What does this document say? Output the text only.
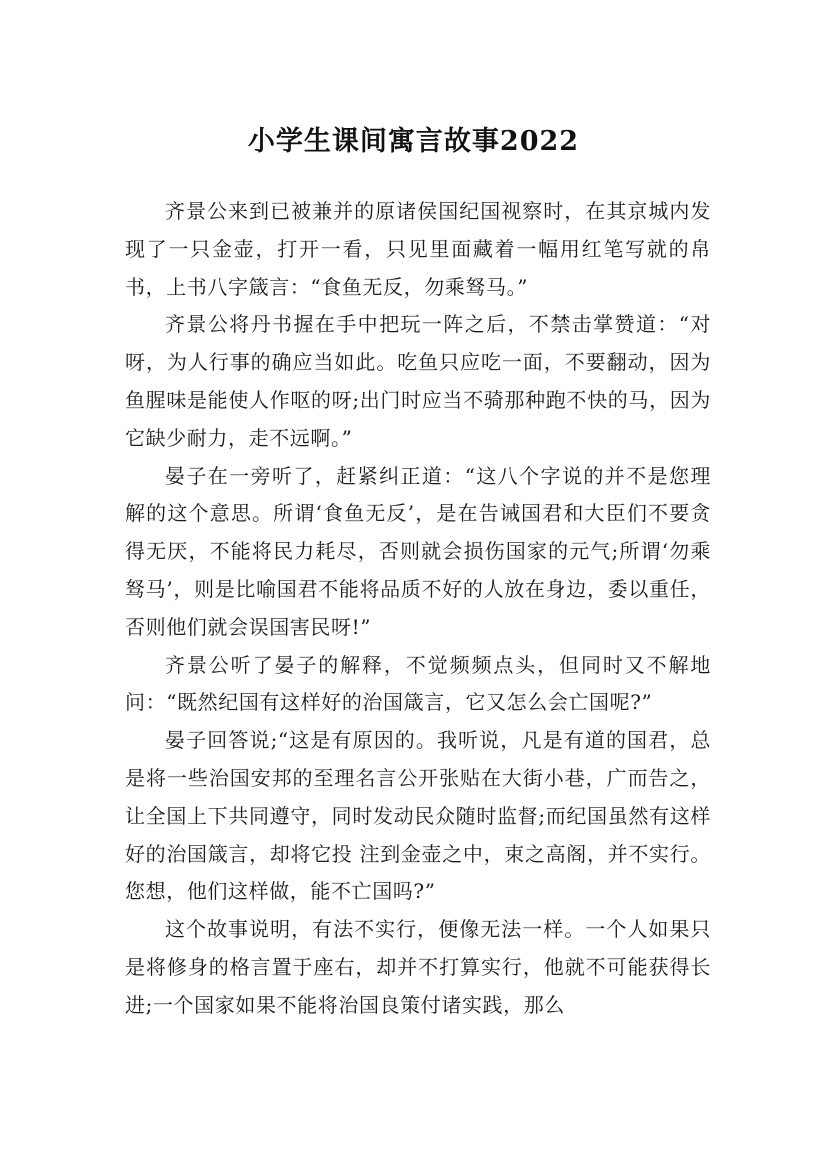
小学生课间寓言故事2022

齐景公来到已被兼并的原诸侯国纪国视察时，在其京城内发现了一只金壶，打开一看，只见里面藏着一幅用红笔写就的帛书，上书八字箴言：“食鱼无反，勿乘驽马。”

齐景公将丹书握在手中把玩一阵之后，不禁击掌赞道：“对呀，为人行事的确应当如此。吃鱼只应吃一面，不要翻动，因为鱼腥味是能使人作呕的呀;出门时应当不骑那种跑不快的马，因为它缺少耐力，走不远啊。”

晏子在一旁听了，赶紧纠正道：“这八个字说的并不是您理解的这个意思。所谓‘食鱼无反’，是在告诫国君和大臣们不要贪得无厌，不能将民力耗尽，否则就会损伤国家的元气;所谓‘勿乘驽马’，则是比喻国君不能将品质不好的人放在身边，委以重任，否则他们就会误国害民呀!”

齐景公听了晏子的解释，不觉频频点头，但同时又不解地问：“既然纪国有这样好的治国箴言，它又怎么会亡国呢?”

晏子回答说;“这是有原因的。我听说，凡是有道的国君，总是将一些治国安邦的至理名言公开张贴在大街小巷，广而告之，让全国上下共同遵守，同时发动民众随时监督;而纪国虽然有这样好的治国箴言，却将它投 注到金壶之中，束之高阁，并不实行。您想，他们这样做，能不亡国吗?”

这个故事说明，有法不实行，便像无法一样。一个人如果只是将修身的格言置于座右，却并不打算实行，他就不可能获得长进;一个国家如果不能将治国良策付诸实践，那么
